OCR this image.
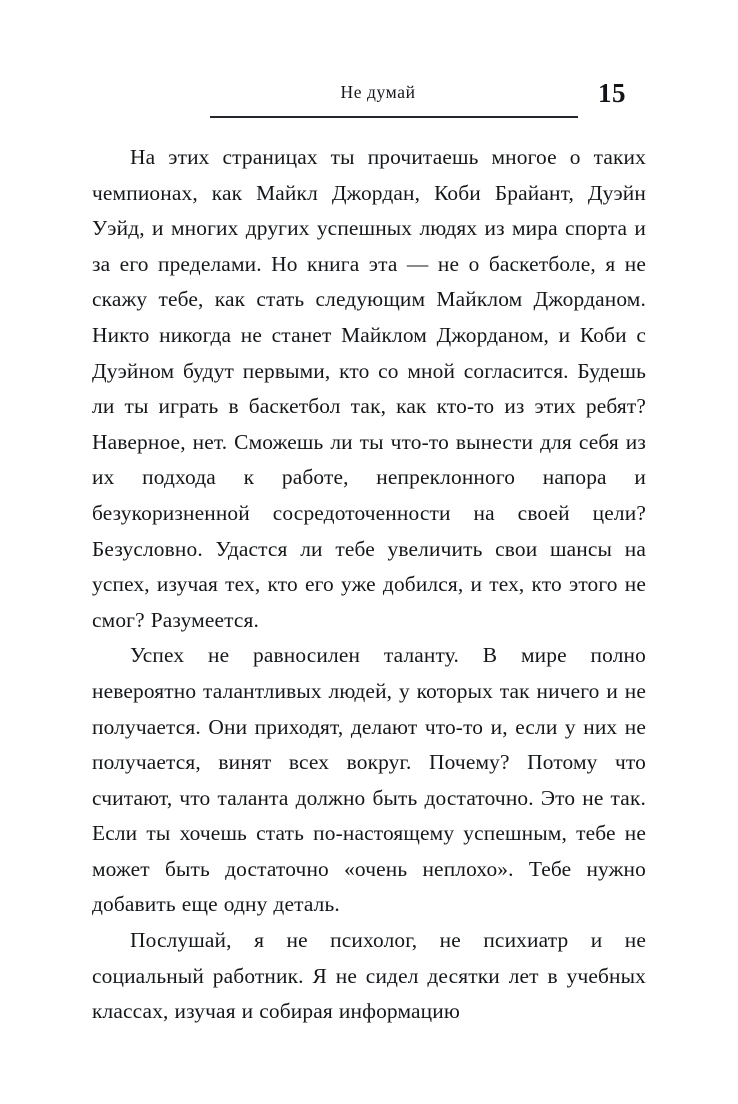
Не думай	15

На этих страницах ты прочитаешь многое о таких чемпионах, как Майкл Джордан, Коби Брайант, Дуэйн Уэйд, и многих других успешных людях из мира спорта и за его пределами. Но книга эта — не о баскетболе, я не скажу тебе, как стать следующим Майклом Джорданом. Никто никогда не станет Майклом Джорданом, и Коби с Дуэйном будут первыми, кто со мной согласится. Будешь ли ты играть в баскетбол так, как кто-то из этих ребят? Наверное, нет. Сможешь ли ты что-то вынести для себя из их подхода к работе, непреклонного напора и безукоризненной сосредоточенности на своей цели? Безусловно. Удастся ли тебе увеличить свои шансы на успех, изучая тех, кто его уже добился, и тех, кто этого не смог? Разумеется.

Успех не равносилен таланту. В мире полно невероятно талантливых людей, у которых так ничего и не получается. Они приходят, делают что-то и, если у них не получается, винят всех вокруг. Почему? Потому что считают, что таланта должно быть достаточно. Это не так. Если ты хочешь стать по-настоящему успешным, тебе не может быть достаточно «очень неплохо». Тебе нужно добавить еще одну деталь.

Послушай, я не психолог, не психиатр и не социальный работник. Я не сидел десятки лет в учебных классах, изучая и собирая информацию
